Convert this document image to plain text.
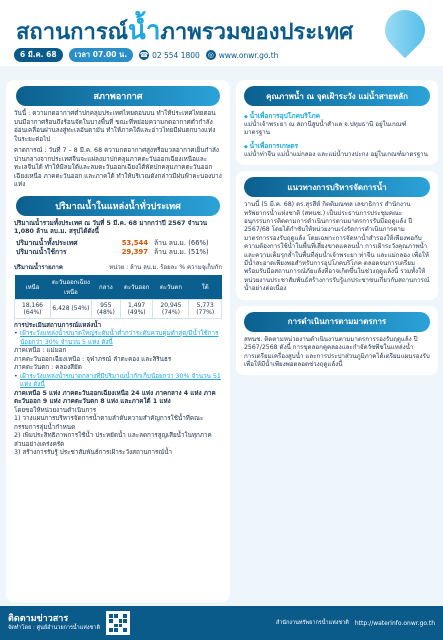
สถานการณ์น้ำภาพรวมของประเทศ
6 มี.ค. 68	เวลา 07.00 น.	☎ 02 554 1800 ◎ www.onwr.go.th
สภาพอากาศ

วันนี้ : ความกดอากาศต่ำปกคลุมประเทศไทยตอนบน ทำให้ประเทศไทยตอนบนมีอากาศร้อนถึงร้อนจัดในบางพื้นที่ ขณะที่หย่อมความกดอากาศต่ำกำลังอ่อนเคลื่อนผ่านลงสู่ทะเลอันดามัน ทำให้ภาคใต้และอ่าวไทยมีฝนตกบางแห่งในระยะต่อไป

คาดการณ์ : วันที่ 7 – 8 มี.ค. 68 ความกดอากาศสูงหรือมวลอากาศเย็นกำลังปานกลางจากประเทศจีนจะแผ่ลงมาปกคลุมภาคตะวันออกเฉียงเหนือและทะเลจีนใต้ ทำให้มีลมใต้และลมตะวันออกเฉียงใต้พัดปกคลุมภาคตะวันออกเฉียงเหนือ ภาคตะวันออก และภาคใต้ ทำให้บริเวณดังกล่าวมีฝนฟ้าคะนองบางแห่ง

ปริมาณน้ำในแหล่งน้ำทั่วประเทศ

ปริมาณน้ำรวมทั้งประเทศ ณ วันที่ 5 มี.ค. 68 มากกว่าปี 2567 จำนวน 1,080 ล้าน ลบ.ม. สรุปได้ดังนี้

ปริมาณน้ำทั้งประเทศ	53,544 ล้าน ลบ.ม. (66%)
ปริมาณน้ำใช้การ	29,397 ล้าน ลบ.ม. (51%)
ปริมาณน้ำรายภาค	หน่วย : ล้าน ลบ.ม. ร้อยละ % ความจุเก็บกัก
เหนือ	ตะวันออกเฉียงเหนือ	กลาง	ตะวันออก	ตะวันตก	ใต้
18,166 (64%)	6,428 (54%)	955 (48%)	1,497 (49%)	20,945 (74%)	5,773 (77%)

การประเมินสถานการณ์แหล่งน้ำ

• เฝ้าระวังแหล่งน้ำขนาดใหญ่ระดับน้ำต่ำกว่าระดับควบคุมต่ำสุด/มีน้ำใช้การน้อยกว่า 30% จำนวน 5 แห่ง ดังนี้

ภาคเหนือ : แม่มอก

ภาคตะวันออกเฉียงเหนือ : จุฬาภรณ์ ลำตะคอง และสิรินธร

ภาคตะวันตก : คลองสียัด

• เฝ้าระวังแหล่งน้ำขนาดกลางที่มีปริมาณน้ำกักเก็บน้อยกว่า 30% จำนวน 51 แห่ง ดังนี้

ภาคเหนือ 5 แห่ง ภาคตะวันออกเฉียงเหนือ 24 แห่ง ภาคกลาง 4 แห่ง ภาคตะวันออก 9 แห่ง ภาคตะวันตก 8 แห่ง และภาคใต้ 1 แห่ง

โดยขอให้หน่วยงานดำเนินการ

1) วางแผนการบริหารจัดการน้ำตามลำดับความสำคัญการใช้น้ำที่คณะกรรมการลุ่มน้ำกำหนด

2) เพิ่มประสิทธิภาพการใช้น้ำ ประหยัดน้ำ และลดการสูญเสียน้ำในทุกภาคส่วนอย่างเคร่งครัด

3) สร้างการรับรู้ ประชาสัมพันธ์การเฝ้าระวังสถานการณ์น้ำ

คุณภาพน้ำ ณ จุดเฝ้าระวัง แม่น้ำสายหลัก

◆ น้ำเพื่อการอุปโภคบริโภค

แม่น้ำเจ้าพระยา ณ สถานีสูบน้ำสำแล จ.ปทุมธานี อยู่ในเกณฑ์มาตรฐาน

◆ น้ำเพื่อการเกษตร

แม่น้ำท่าจีน แม่น้ำแม่กลอง และแม่น้ำบางปะกง อยู่ในเกณฑ์มาตรฐาน

แนวทางการบริหารจัดการน้ำ

วานนี้ (5 มี.ค. 68) ดร.สุรสีห์ กิตติมณฑล เลขาธิการ สำนักงานทรัพยากรน้ำแห่งชาติ (สทนช.) เป็นประธานการประชุมคณะอนุกรรมการติดตามการดำเนินการตามมาตรการรับมือฤดูแล้ง ปี 2567/68 โดยได้กำชับให้หน่วยงานเร่งรัดการดำเนินการตามมาตรการรองรับฤดูแล้ง โดยเฉพาะการจัดหาน้ำสำรองให้เพียงพอกับความต้องการใช้น้ำในพื้นที่เสี่ยงขาดแคลนน้ำ การเฝ้าระวังคุณภาพน้ำ และความเค็มรุกล้ำในพื้นที่ลุ่มน้ำเจ้าพระยา ท่าจีน และแม่กลอง เพื่อให้มีน้ำสะอาดเพียงพอสำหรับการอุปโภคบริโภค ตลอดจนการเตรียมพร้อมรับมือสถานการณ์ภัยแล้งที่อาจเกิดขึ้นในช่วงฤดูแล้งนี้ รวมทั้งให้หน่วยงานประชาสัมพันธ์สร้างการรับรู้แก่ประชาชนเกี่ยวกับสถานการณ์น้ำอย่างต่อเนื่อง

การดำเนินการตามมาตรการ

สทนช. ติดตามหน่วยงานดำเนินงานตามมาตรการรองรับฤดูแล้ง ปี 2567/2568 ดังนี้ การขุดลอกคูคลองและกำจัดวัชพืชในแหล่งน้ำ การเตรียมเครื่องสูบน้ำ และการประปาส่วนภูมิภาคได้เตรียมแผนรองรับ เพื่อให้มีน้ำเพียงพอตลอดช่วงฤดูแล้งนี้

ติดตามข่าวสาร
จัดทำโดย : ศูนย์อำนวยการน้ำแห่งชาติ
สำนักงานทรัพยากรน้ำแห่งชาติ http://waterinfo.onwr.go.th
